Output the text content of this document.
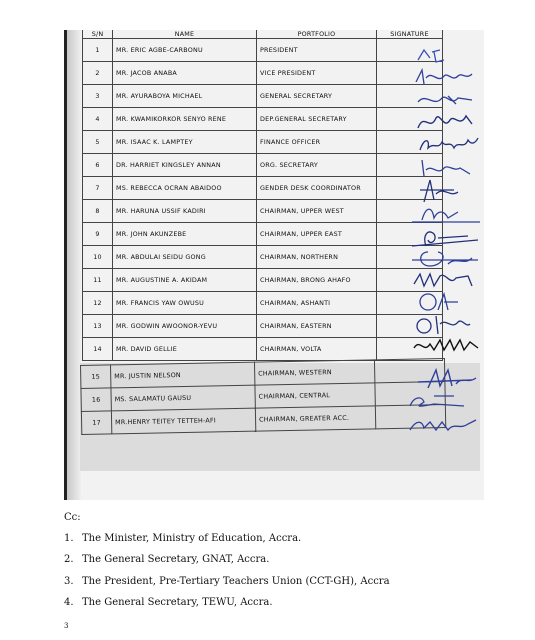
S/N	NAME	PORTFOLIO	SIGNATURE
1	MR. ERIC AGBE-CARBONU	PRESIDENT	
2	MR. JACOB ANABA	VICE PRESIDENT	
3	MR. AYURABOYA MICHAEL	GENERAL SECRETARY	
4	MR. KWAMIKORKOR SENYO RENE	DEP.GENERAL SECRETARY	
5	MR. ISAAC K. LAMPTEY	FINANCE OFFICER	
6	DR. HARRIET KINGSLEY ANNAN	ORG. SECRETARY	
7	MS. REBECCA OCRAN ABAIDOO	GENDER DESK COORDINATOR	
8	MR. HARUNA USSIF KADIRI	CHAIRMAN, UPPER WEST	
9	MR. JOHN AKUNZEBE	CHAIRMAN, UPPER EAST	
10	MR. ABDULAI SEIDU GONG	CHAIRMAN, NORTHERN	
11	MR. AUGUSTINE A. AKIDAM	CHAIRMAN, BRONG AHAFO	
12	MR. FRANCIS YAW OWUSU	CHAIRMAN, ASHANTI	
13	MR. GODWIN AWOONOR-YEVU	CHAIRMAN, EASTERN	
14	MR. DAVID GELLIE	CHAIRMAN, VOLTA	
15	MR. JUSTIN NELSON	CHAIRMAN, WESTERN	
16	MS. SALAMATU GAUSU	CHAIRMAN, CENTRAL	
17	MR.HENRY TEITEY TETTEH-AFI	CHAIRMAN, GREATER ACC.	
Cc:
1. The Minister, Ministry of Education, Accra.
2. The General Secretary, GNAT, Accra.
3. The President, Pre-Tertiary Teachers Union (CCT-GH), Accra
4. The General Secretary, TEWU, Accra.
3
